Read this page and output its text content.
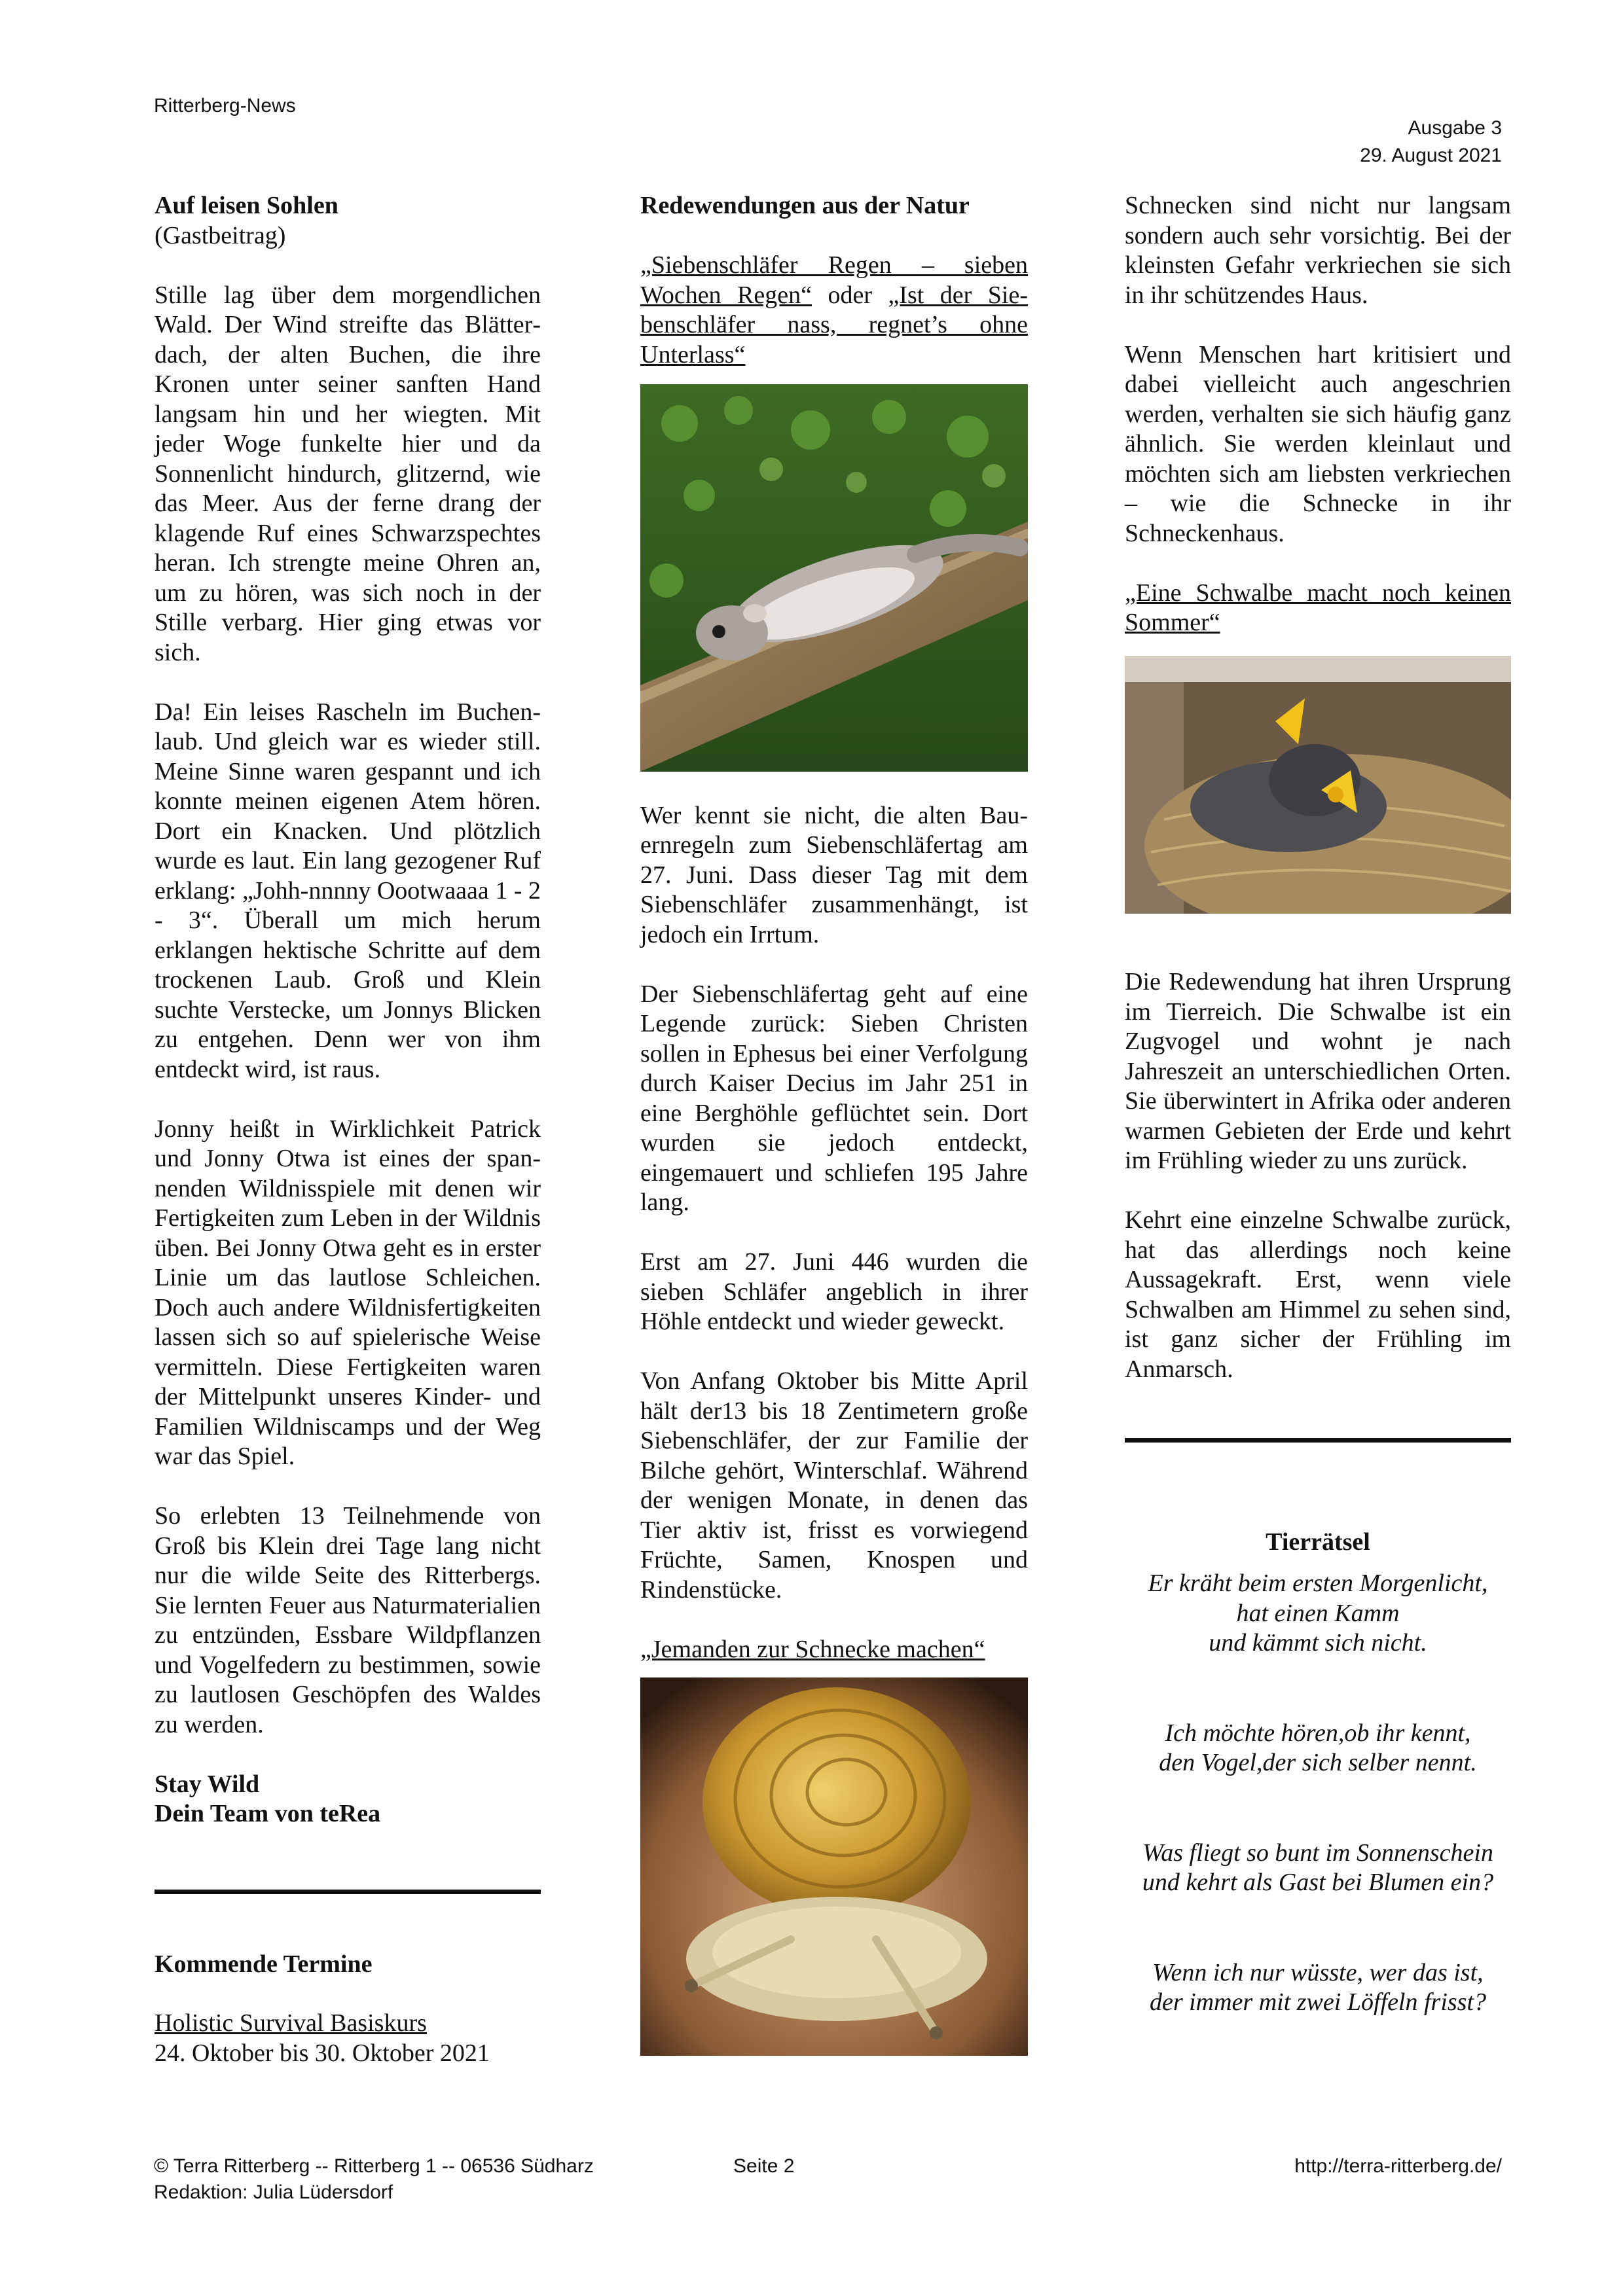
Ritterberg-News
Ausgabe 3
29. August 2021
Auf leisen Sohlen
(Gastbeitrag)
Stille lag über dem morgendlichen Wald. Der Wind streifte das Blätterdach, der alten Buchen, die ihre Kronen unter seiner sanften Hand langsam hin und her wiegten. Mit jeder Woge funkelte hier und da Sonnenlicht hindurch, glitzernd, wie das Meer. Aus der ferne drang der klagende Ruf eines Schwarzspechtes heran. Ich strengte meine Ohren an, um zu hören, was sich noch in der Stille verbarg. Hier ging etwas vor sich.
Da! Ein leises Rascheln im Buchenlaub. Und gleich war es wieder still. Meine Sinne waren gespannt und ich konnte meinen eigenen Atem hören. Dort ein Knacken. Und plötzlich wurde es laut. Ein lang gezogener Ruf erklang: „Johh-nnnny Oootwaaaa 1 - 2 - 3“. Überall um mich herum erklangen hektische Schritte auf dem trockenen Laub. Groß und Klein suchte Verstecke, um Jonnys Blicken zu entgehen. Denn wer von ihm entdeckt wird, ist raus.
Jonny heißt in Wirklichkeit Patrick und Jonny Otwa ist eines der spannenden Wildnisspiele mit denen wir Fertigkeiten zum Leben in der Wildnis üben. Bei Jonny Otwa geht es in erster Linie um das lautlose Schleichen. Doch auch andere Wildnisfertigkeiten lassen sich so auf spielerische Weise vermitteln. Diese Fertigkeiten waren der Mittelpunkt unseres Kinder- und Familien Wildniscamps und der Weg war das Spiel.
So erlebten 13 Teilnehmende von Groß bis Klein drei Tage lang nicht nur die wilde Seite des Ritterbergs. Sie lernten Feuer aus Naturmaterialien zu entzünden, Essbare Wildpflanzen und Vogelfedern zu bestimmen, sowie zu lautlosen Geschöpfen des Waldes zu werden.
Stay Wild
Dein Team von teRea
Kommende Termine
Holistic Survival Basiskurs
24. Oktober bis 30. Oktober 2021
Redewendungen aus der Natur
„Siebenschläfer Regen – sieben Wochen Regen“ oder „Ist der Siebenschläfer nass, regnet’s ohne Unterlass“
Wer kennt sie nicht, die alten Bauernregeln zum Siebenschläfertag am 27. Juni. Dass dieser Tag mit dem Siebenschläfer zusammenhängt, ist jedoch ein Irrtum.
Der Siebenschläfertag geht auf eine Legende zurück: Sieben Christen sollen in Ephesus bei einer Verfolgung durch Kaiser Decius im Jahr 251 in eine Berghöhle geflüchtet sein. Dort wurden sie jedoch entdeckt, eingemauert und schliefen 195 Jahre lang.
Erst am 27. Juni 446 wurden die sieben Schläfer angeblich in ihrer Höhle entdeckt und wieder geweckt.
Von Anfang Oktober bis Mitte April hält der13 bis 18 Zentimetern große Siebenschläfer, der zur Familie der Bilche gehört, Winterschlaf. Während der wenigen Monate, in denen das Tier aktiv ist, frisst es vorwiegend Früchte, Samen, Knospen und Rindenstücke.
„Jemanden zur Schnecke machen“
Schnecken sind nicht nur langsam sondern auch sehr vorsichtig. Bei der kleinsten Gefahr verkriechen sie sich in ihr schützendes Haus.
Wenn Menschen hart kritisiert und dabei vielleicht auch angeschrien werden, verhalten sie sich häufig ganz ähnlich. Sie werden kleinlaut und möchten sich am liebsten verkriechen – wie die Schnecke in ihr Schneckenhaus.
„Eine Schwalbe macht noch keinen Sommer“
Die Redewendung hat ihren Ursprung im Tierreich. Die Schwalbe ist ein Zugvogel und wohnt je nach Jahreszeit an unterschiedlichen Orten. Sie überwintert in Afrika oder anderen warmen Gebieten der Erde und kehrt im Frühling wieder zu uns zurück.
Kehrt eine einzelne Schwalbe zurück, hat das allerdings noch keine Aussagekraft. Erst, wenn viele Schwalben am Himmel zu sehen sind, ist ganz sicher der Frühling im Anmarsch.
Tierrätsel
Er kräht beim ersten Morgenlicht,
hat einen Kamm
und kämmt sich nicht.
Ich möchte hören,ob ihr kennt,
den Vogel,der sich selber nennt.
Was fliegt so bunt im Sonnenschein
und kehrt als Gast bei Blumen ein?
Wenn ich nur wüsste, wer das ist,
der immer mit zwei Löffeln frisst?
© Terra Ritterberg -- Ritterberg 1 -- 06536 Südharz
Redaktion: Julia Lüdersdorf
Seite 2	http://terra-ritterberg.de/
